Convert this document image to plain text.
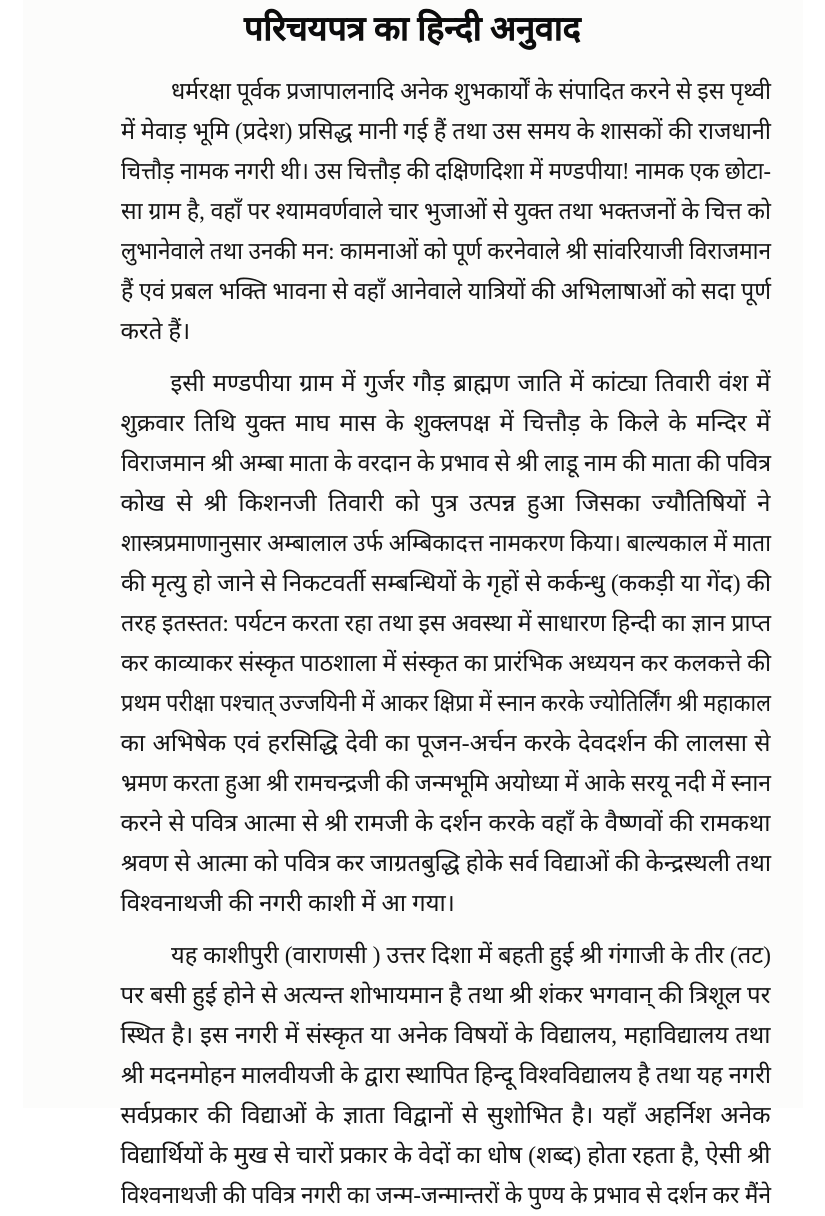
परिचयपत्र का हिन्दी अनुवाद
धर्मरक्षा पूर्वक प्रजापालनादि अनेक शुभकार्यों के संपादित करने से इस पृथ्वी
में मेवाड़ भूमि (प्रदेश) प्रसिद्ध मानी गई हैं तथा उस समय के शासकों की राजधानी
चित्तौड़ नामक नगरी थी। उस चित्तौड़ की दक्षिणदिशा में मण्डपीया! नामक एक छोटा-
सा ग्राम है, वहाँ पर श्यामवर्णवाले चार भुजाओं से युक्त तथा भक्तजनों के चित्त को
लुभानेवाले तथा उनकी मन: कामनाओं को पूर्ण करनेवाले श्री सांवरियाजी विराजमान
हैं एवं प्रबल भक्ति भावना से वहाँ आनेवाले यात्रियों की अभिलाषाओं को सदा पूर्ण
करते हैं।
इसी मण्डपीया ग्राम में गुर्जर गौड़ ब्राह्मण जाति में कांट्या तिवारी वंश में
शुक्रवार तिथि युक्त माघ मास के शुक्लपक्ष में चित्तौड़ के किले के मन्दिर में
विराजमान श्री अम्बा माता के वरदान के प्रभाव से श्री लाडू नाम की माता की पवित्र
कोख से श्री किशनजी तिवारी को पुत्र उत्पन्न हुआ जिसका ज्यौतिषियों ने
शास्त्रप्रमाणानुसार अम्बालाल उर्फ अम्बिकादत्त नामकरण किया। बाल्यकाल में माता
की मृत्यु हो जाने से निकटवर्ती सम्बन्धियों के गृहों से कर्कन्धु (ककड़ी या गेंद) की
तरह इतस्तत: पर्यटन करता रहा तथा इस अवस्था में साधारण हिन्दी का ज्ञान प्राप्त
कर काव्याकर संस्कृत पाठशाला में संस्कृत का प्रारंभिक अध्ययन कर कलकत्ते की
प्रथम परीक्षा पश्चात् उज्जयिनी में आकर क्षिप्रा में स्नान करके ज्योतिर्लिंग श्री महाकाल
का अभिषेक एवं हरसिद्धि देवी का पूजन-अर्चन करके देवदर्शन की लालसा से
भ्रमण करता हुआ श्री रामचन्द्रजी की जन्मभूमि अयोध्या में आके सरयू नदी में स्नान
करने से पवित्र आत्मा से श्री रामजी के दर्शन करके वहाँ के वैष्णवों की रामकथा
श्रवण से आत्मा को पवित्र कर जाग्रतबुद्धि होके सर्व विद्याओं की केन्द्रस्थली तथा
विश्वनाथजी की नगरी काशी में आ गया।
यह काशीपुरी (वाराणसी ) उत्तर दिशा में बहती हुई श्री गंगाजी के तीर (तट)
पर बसी हुई होने से अत्यन्त शोभायमान है तथा श्री शंकर भगवान् की त्रिशूल पर
स्थित है। इस नगरी में संस्कृत या अनेक विषयों के विद्यालय, महाविद्यालय तथा
श्री मदनमोहन मालवीयजी के द्वारा स्थापित हिन्दू विश्वविद्यालय है तथा यह नगरी
सर्वप्रकार की विद्याओं के ज्ञाता विद्वानों से सुशोभित है। यहाँ अहर्निश अनेक
विद्यार्थियों के मुख से चारों प्रकार के वेदों का धोष (शब्द) होता रहता है, ऐसी श्री
विश्वनाथजी की पवित्र नगरी का जन्म-जन्मान्तरों के पुण्य के प्रभाव से दर्शन कर मैंने
